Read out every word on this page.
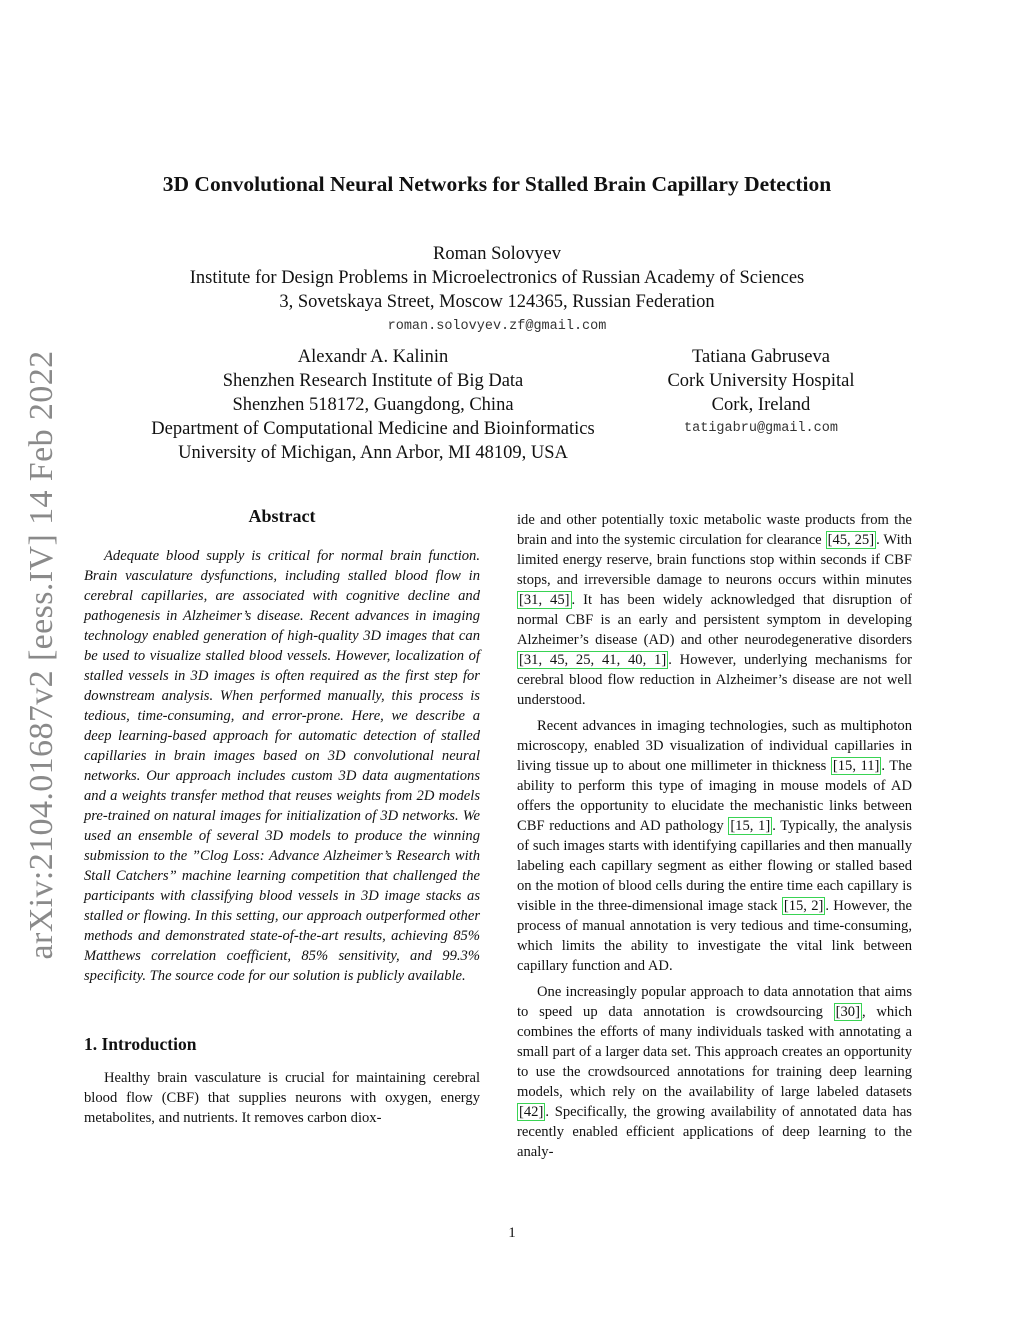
arXiv:2104.01687v2 [eess.IV] 14 Feb 2022
3D Convolutional Neural Networks for Stalled Brain Capillary Detection
Roman Solovyev
Institute for Design Problems in Microelectronics of Russian Academy of Sciences
3, Sovetskaya Street, Moscow 124365, Russian Federation
roman.solovyev.zf@gmail.com
Alexandr A. Kalinin
Shenzhen Research Institute of Big Data
Shenzhen 518172, Guangdong, China
Department of Computational Medicine and Bioinformatics
University of Michigan, Ann Arbor, MI 48109, USA
Tatiana Gabruseva
Cork University Hospital
Cork, Ireland
tatigabru@gmail.com
Abstract

Adequate blood supply is critical for normal brain function. Brain vasculature dysfunctions, including stalled blood flow in cerebral capillaries, are associated with cognitive decline and pathogenesis in Alzheimer’s disease. Recent advances in imaging technology enabled generation of high-quality 3D images that can be used to visualize stalled blood vessels. However, localization of stalled vessels in 3D images is often required as the first step for downstream analysis. When performed manually, this process is tedious, time-consuming, and error-prone. Here, we describe a deep learning-based approach for automatic detection of stalled capillaries in brain images based on 3D convolutional neural networks. Our approach includes custom 3D data augmentations and a weights transfer method that reuses weights from 2D models pre-trained on natural images for initialization of 3D networks. We used an ensemble of several 3D models to produce the winning submission to the ”Clog Loss: Advance Alzheimer’s Research with Stall Catchers” machine learning competition that challenged the participants with classifying blood vessels in 3D image stacks as stalled or flowing. In this setting, our approach outperformed other methods and demonstrated state-of-the-art results, achieving 85% Matthews correlation coefficient, 85% sensitivity, and 99.3% specificity. The source code for our solution is publicly available.

1. Introduction

Healthy brain vasculature is crucial for maintaining cerebral blood flow (CBF) that supplies neurons with oxygen, energy metabolites, and nutrients. It removes carbon diox-

ide and other potentially toxic metabolic waste products from the brain and into the systemic circulation for clearance [45, 25] . With limited energy reserve, brain functions stop within seconds if CBF stops, and irreversible damage to neurons occurs within minutes [31, 45] . It has been widely acknowledged that disruption of normal CBF is an early and persistent symptom in developing Alzheimer’s disease (AD) and other neurodegenerative disorders [31, 45, 25, 41, 40, 1] . However, underlying mechanisms for cerebral blood flow reduction in Alzheimer’s disease are not well understood.

Recent advances in imaging technologies, such as multiphoton microscopy, enabled 3D visualization of individual capillaries in living tissue up to about one millimeter in thickness [15, 11] . The ability to perform this type of imaging in mouse models of AD offers the opportunity to elucidate the mechanistic links between CBF reductions and AD pathology [15, 1] . Typically, the analysis of such images starts with identifying capillaries and then manually labeling each capillary segment as either flowing or stalled based on the motion of blood cells during the entire time each capillary is visible in the three-dimensional image stack [15, 2] . However, the process of manual annotation is very tedious and time-consuming, which limits the ability to investigate the vital link between capillary function and AD.

One increasingly popular approach to data annotation that aims to speed up data annotation is crowdsourcing [30] , which combines the efforts of many individuals tasked with annotating a small part of a larger data set. This approach creates an opportunity to use the crowdsourced annotations for training deep learning models, which rely on the availability of large labeled datasets [42] . Specifically, the growing availability of annotated data has recently enabled efficient applications of deep learning to the analy-

1
